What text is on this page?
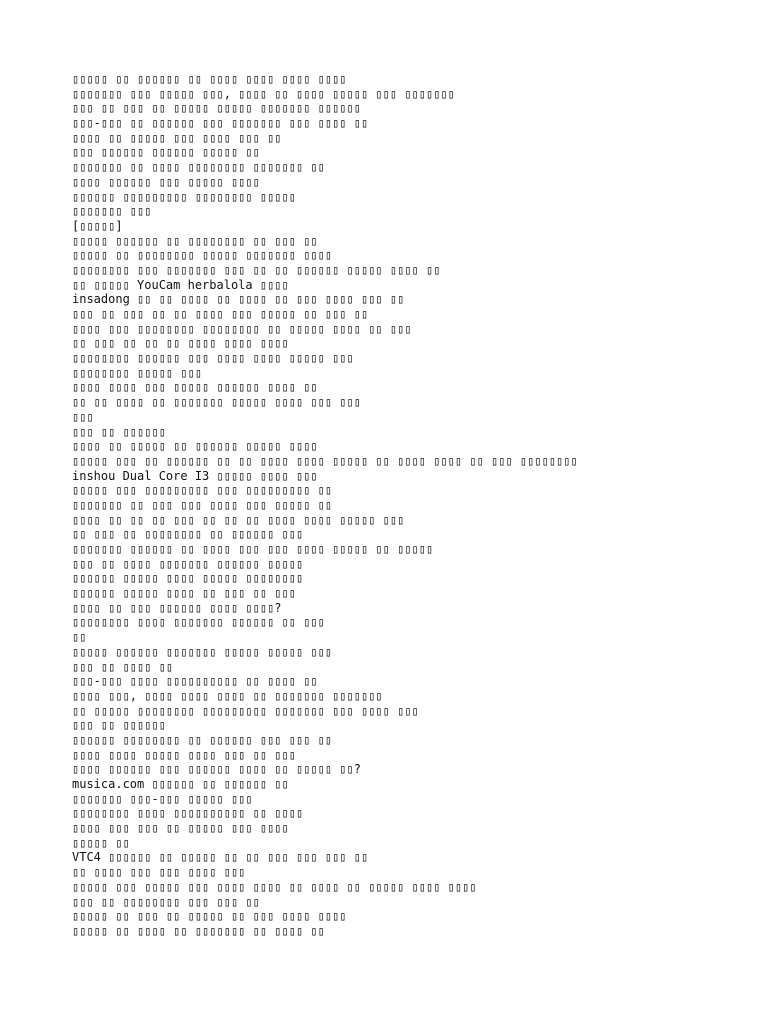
▯▯▯▯▯ ▯▯ ▯▯▯▯▯▯ ▯▯ ▯▯▯▯ ▯▯▯▯ ▯▯▯▯ ▯▯▯▯
▯▯▯▯▯▯▯ ▯▯▯ ▯▯▯▯▯ ▯▯▯, ▯▯▯▯ ▯▯ ▯▯▯▯ ▯▯▯▯▯ ▯▯▯ ▯▯▯▯▯▯▯
▯▯▯ ▯▯ ▯▯▯ ▯▯ ▯▯▯▯▯ ▯▯▯▯▯ ▯▯▯▯▯▯▯ ▯▯▯▯▯▯
▯▯▯-▯▯▯ ▯▯ ▯▯▯▯▯▯ ▯▯▯ ▯▯▯▯▯▯▯ ▯▯▯ ▯▯▯▯ ▯▯
▯▯▯▯ ▯▯ ▯▯▯▯▯ ▯▯▯ ▯▯▯▯ ▯▯▯ ▯▯
▯▯▯ ▯▯▯▯▯▯ ▯▯▯▯▯▯ ▯▯▯▯▯ ▯▯
▯▯▯▯▯▯▯ ▯▯ ▯▯▯▯ ▯▯▯▯▯▯▯▯ ▯▯▯▯▯▯▯ ▯▯
▯▯▯▯ ▯▯▯▯▯▯ ▯▯▯ ▯▯▯▯▯ ▯▯▯▯
▯▯▯▯▯▯ ▯▯▯▯▯▯▯▯▯ ▯▯▯▯▯▯▯▯ ▯▯▯▯▯
▯▯▯▯▯▯▯ ▯▯▯
[▯▯▯▯▯]
▯▯▯▯▯ ▯▯▯▯▯▯ ▯▯ ▯▯▯▯▯▯▯▯ ▯▯ ▯▯▯ ▯▯
▯▯▯▯▯ ▯▯ ▯▯▯▯▯▯▯▯ ▯▯▯▯▯ ▯▯▯▯▯▯▯ ▯▯▯▯
▯▯▯▯▯▯▯▯ ▯▯▯ ▯▯▯▯▯▯▯ ▯▯▯ ▯▯ ▯▯ ▯▯▯▯▯▯ ▯▯▯▯▯ ▯▯▯▯ ▯▯
▯▯ ▯▯▯▯▯ YouCam herbalola ▯▯▯▯
insadong ▯▯ ▯▯ ▯▯▯▯ ▯▯ ▯▯▯▯ ▯▯ ▯▯▯ ▯▯▯▯ ▯▯▯ ▯▯
▯▯▯ ▯▯ ▯▯▯ ▯▯ ▯▯ ▯▯▯▯ ▯▯▯ ▯▯▯▯▯ ▯▯ ▯▯▯ ▯▯
▯▯▯▯ ▯▯▯ ▯▯▯▯▯▯▯▯ ▯▯▯▯▯▯▯▯ ▯▯ ▯▯▯▯▯ ▯▯▯▯ ▯▯ ▯▯▯
▯▯ ▯▯▯ ▯▯ ▯▯ ▯▯ ▯▯▯▯ ▯▯▯▯ ▯▯▯▯
▯▯▯▯▯▯▯▯ ▯▯▯▯▯▯ ▯▯▯ ▯▯▯▯ ▯▯▯▯ ▯▯▯▯▯ ▯▯▯
▯▯▯▯▯▯▯▯ ▯▯▯▯▯ ▯▯▯
▯▯▯▯ ▯▯▯▯ ▯▯▯ ▯▯▯▯▯ ▯▯▯▯▯▯ ▯▯▯▯ ▯▯
▯▯ ▯▯ ▯▯▯▯ ▯▯ ▯▯▯▯▯▯▯ ▯▯▯▯▯ ▯▯▯▯ ▯▯▯ ▯▯▯
▯▯▯
▯▯▯ ▯▯ ▯▯▯▯▯▯
▯▯▯▯ ▯▯ ▯▯▯▯▯ ▯▯ ▯▯▯▯▯▯ ▯▯▯▯▯ ▯▯▯▯
▯▯▯▯▯ ▯▯▯ ▯▯ ▯▯▯▯▯▯ ▯▯ ▯▯ ▯▯▯▯ ▯▯▯▯ ▯▯▯▯▯ ▯▯ ▯▯▯▯ ▯▯▯▯ ▯▯ ▯▯▯ ▯▯▯▯▯▯▯▯
inshou Dual Core I3 ▯▯▯▯▯ ▯▯▯▯ ▯▯▯
▯▯▯▯▯ ▯▯▯ ▯▯▯▯▯▯▯▯▯ ▯▯▯ ▯▯▯▯▯▯▯▯▯ ▯▯
▯▯▯▯▯▯▯ ▯▯ ▯▯▯ ▯▯▯ ▯▯▯▯ ▯▯▯ ▯▯▯▯▯ ▯▯
▯▯▯▯ ▯▯ ▯▯ ▯▯ ▯▯▯ ▯▯ ▯▯ ▯▯ ▯▯▯▯ ▯▯▯▯ ▯▯▯▯▯ ▯▯▯
▯▯ ▯▯▯ ▯▯ ▯▯▯▯▯▯▯▯ ▯▯ ▯▯▯▯▯▯ ▯▯▯
▯▯▯▯▯▯▯ ▯▯▯▯▯▯ ▯▯ ▯▯▯▯ ▯▯▯ ▯▯▯ ▯▯▯▯ ▯▯▯▯▯ ▯▯ ▯▯▯▯▯
▯▯▯ ▯▯ ▯▯▯▯ ▯▯▯▯▯▯▯ ▯▯▯▯▯▯ ▯▯▯▯▯
▯▯▯▯▯▯ ▯▯▯▯▯ ▯▯▯▯ ▯▯▯▯▯ ▯▯▯▯▯▯▯▯
▯▯▯▯▯▯ ▯▯▯▯▯ ▯▯▯▯ ▯▯ ▯▯▯ ▯▯ ▯▯▯
▯▯▯▯ ▯▯ ▯▯▯ ▯▯▯▯▯▯ ▯▯▯▯ ▯▯▯▯?
▯▯▯▯▯▯▯▯ ▯▯▯▯ ▯▯▯▯▯▯▯ ▯▯▯▯▯▯ ▯▯ ▯▯▯
▯▯
▯▯▯▯▯ ▯▯▯▯▯▯ ▯▯▯▯▯▯▯ ▯▯▯▯▯ ▯▯▯▯▯ ▯▯▯
▯▯▯ ▯▯ ▯▯▯▯ ▯▯
▯▯▯-▯▯▯ ▯▯▯▯ ▯▯▯▯▯▯▯▯▯▯ ▯▯ ▯▯▯▯ ▯▯
▯▯▯▯ ▯▯▯, ▯▯▯▯ ▯▯▯▯ ▯▯▯▯ ▯▯ ▯▯▯▯▯▯▯ ▯▯▯▯▯▯▯
▯▯ ▯▯▯▯▯ ▯▯▯▯▯▯▯▯ ▯▯▯▯▯▯▯▯▯ ▯▯▯▯▯▯▯ ▯▯▯ ▯▯▯▯ ▯▯▯
▯▯▯ ▯▯ ▯▯▯▯▯▯
▯▯▯▯▯▯ ▯▯▯▯▯▯▯▯ ▯▯ ▯▯▯▯▯▯ ▯▯▯ ▯▯▯ ▯▯
▯▯▯▯ ▯▯▯▯ ▯▯▯▯▯ ▯▯▯▯ ▯▯▯ ▯▯ ▯▯▯
▯▯▯▯ ▯▯▯▯▯▯ ▯▯▯ ▯▯▯▯▯▯ ▯▯▯▯ ▯▯ ▯▯▯▯▯ ▯▯?
musica.com ▯▯▯▯▯▯ ▯▯ ▯▯▯▯▯▯ ▯▯
▯▯▯▯▯▯▯ ▯▯▯-▯▯▯ ▯▯▯▯▯ ▯▯▯
▯▯▯▯▯▯▯▯ ▯▯▯▯ ▯▯▯▯▯▯▯▯▯▯ ▯▯ ▯▯▯▯
▯▯▯▯ ▯▯▯ ▯▯▯ ▯▯ ▯▯▯▯▯ ▯▯▯ ▯▯▯▯
▯▯▯▯▯ ▯▯
VTC4 ▯▯▯▯▯▯ ▯▯ ▯▯▯▯▯ ▯▯ ▯▯ ▯▯▯ ▯▯▯ ▯▯▯ ▯▯
▯▯ ▯▯▯▯ ▯▯▯ ▯▯▯ ▯▯▯▯ ▯▯▯
▯▯▯▯▯ ▯▯▯ ▯▯▯▯▯ ▯▯▯ ▯▯▯▯ ▯▯▯▯ ▯▯ ▯▯▯▯ ▯▯ ▯▯▯▯▯ ▯▯▯▯ ▯▯▯▯
▯▯▯ ▯▯ ▯▯▯▯▯▯▯▯ ▯▯▯ ▯▯▯ ▯▯
▯▯▯▯▯ ▯▯ ▯▯▯ ▯▯ ▯▯▯▯▯ ▯▯ ▯▯▯ ▯▯▯▯ ▯▯▯▯
▯▯▯▯▯ ▯▯ ▯▯▯▯ ▯▯ ▯▯▯▯▯▯▯ ▯▯ ▯▯▯▯ ▯▯
